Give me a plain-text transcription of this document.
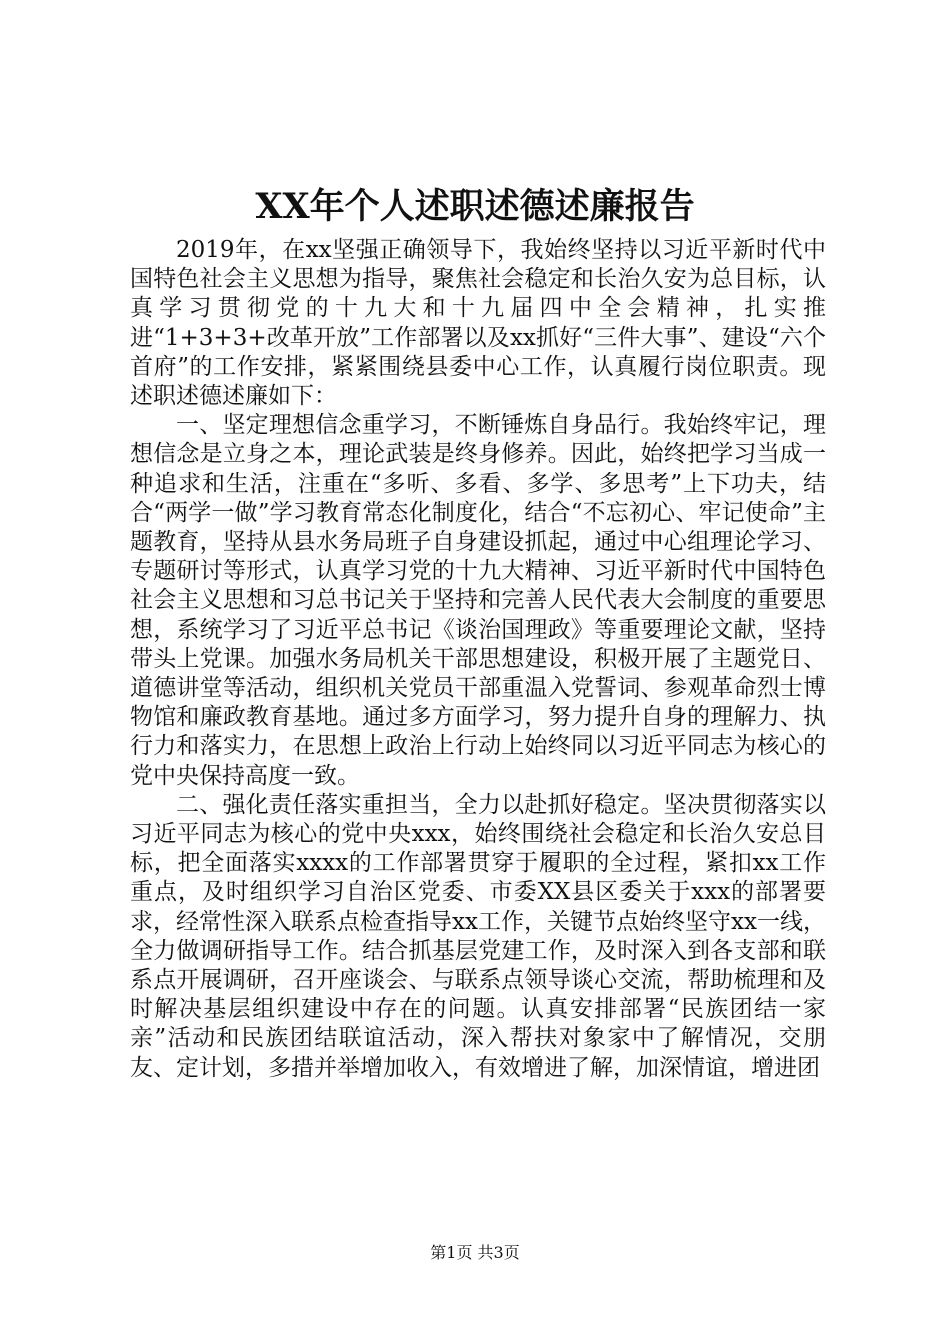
XX年个人述职述德述廉报告

2019年，在xx坚强正确领导下，我始终坚持以习近平新时代中国特色社会主义思想为指导，聚焦社会稳定和长治久安为总目标，认真学习贯彻党的十九大和十九届四中全会精神，扎实推进“1+3+3+改革开放”工作部署以及xx抓好“三件大事”、建设“六个首府”的工作安排，紧紧围绕县委中心工作，认真履行岗位职责。现述职述德述廉如下：

一、坚定理想信念重学习，不断锤炼自身品行。我始终牢记，理想信念是立身之本，理论武装是终身修养。因此，始终把学习当成一种追求和生活，注重在“多听、多看、多学、多思考”上下功夫，结合“两学一做”学习教育常态化制度化，结合“不忘初心、牢记使命”主题教育，坚持从县水务局班子自身建设抓起，通过中心组理论学习、专题研讨等形式，认真学习党的十九大精神、习近平新时代中国特色社会主义思想和习总书记关于坚持和完善人民代表大会制度的重要思想，系统学习了习近平总书记《谈治国理政》等重要理论文献，坚持带头上党课。加强水务局机关干部思想建设，积极开展了主题党日、道德讲堂等活动，组织机关党员干部重温入党誓词、参观革命烈士博物馆和廉政教育基地。通过多方面学习，努力提升自身的理解力、执行力和落实力，在思想上政治上行动上始终同以习近平同志为核心的党中央保持高度一致。

二、强化责任落实重担当，全力以赴抓好稳定。坚决贯彻落实以习近平同志为核心的党中央xxx，始终围绕社会稳定和长治久安总目标，把全面落实xxxx的工作部署贯穿于履职的全过程，紧扣xx工作重点，及时组织学习自治区党委、市委XX县区委关于xxx的部署要求，经常性深入联系点检查指导xx工作，关键节点始终坚守xx一线，全力做调研指导工作。结合抓基层党建工作，及时深入到各支部和联系点开展调研，召开座谈会、与联系点领导谈心交流，帮助梳理和及时解决基层组织建设中存在的问题。认真安排部署“民族团结一家亲”活动和民族团结联谊活动，深入帮扶对象家中了解情况，交朋友、定计划，多措并举增加收入，有效增进了解，加深情谊，增进团

第1页 共3页
